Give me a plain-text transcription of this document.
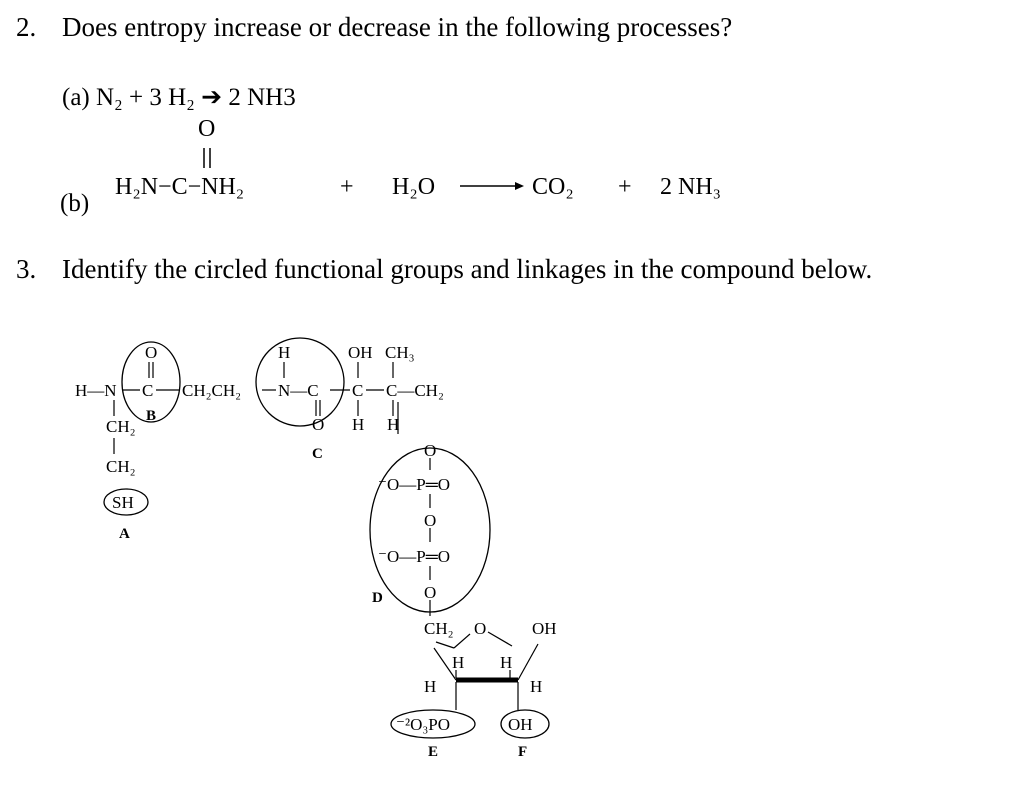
2. Does entropy increase or decrease in the following processes?
(a) N₂ + 3 H₂ ➔ 2 NH3
(b)
O
H₂N−C−NH₂	+ H₂O	CO₂ + 2 NH₃
3. Identify the circled functional groups and linkages in the compound below.
H—N C
O
CH₂CH₂ N—C
H
O
C C—CH₂
OH CH₃
H H
CH₂
CH₂
SH
A
B
C
D
E	F
O
⁻O—P═O
O
⁻O—P═O
O
CH₂ O	OH
H H
H	H
⁻²O₃PO	OH
